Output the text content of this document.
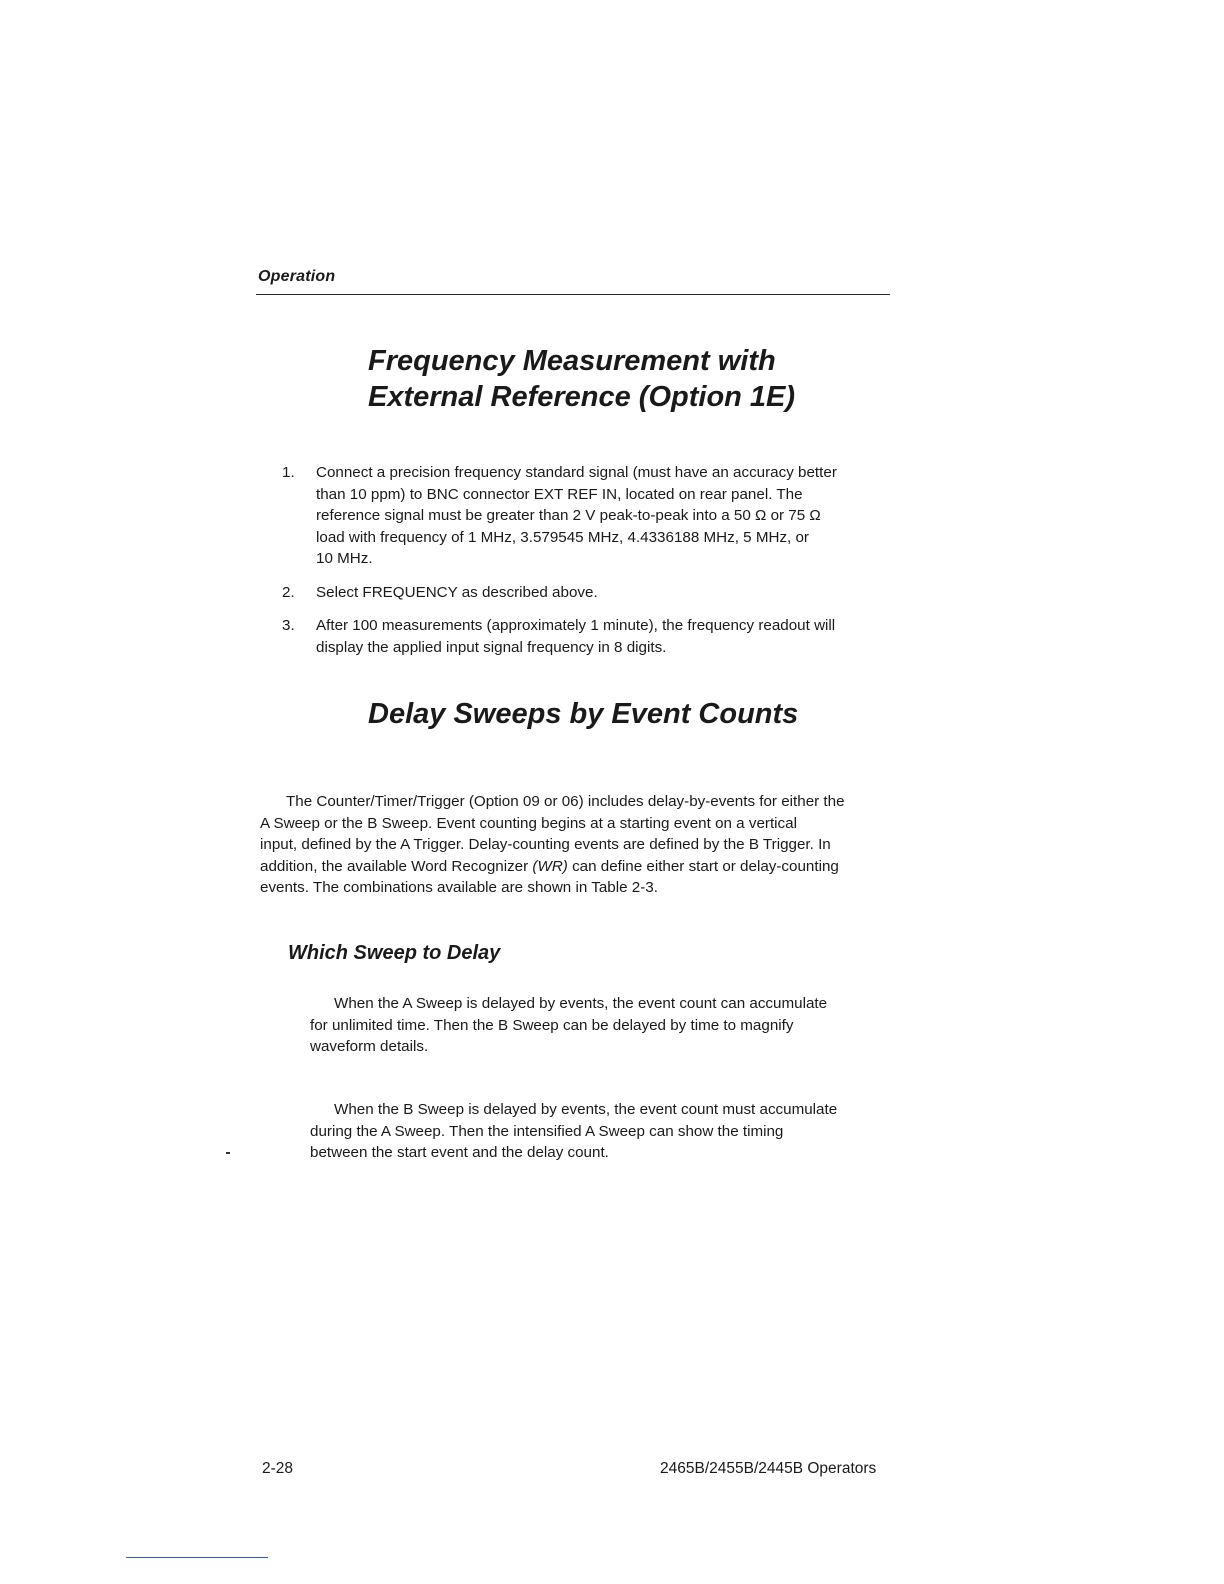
Operation
Frequency Measurement with
External Reference (Option 1E)
1. Connect a precision frequency standard signal (must have an accuracy better
than 10 ppm) to BNC connector EXT REF IN, located on rear panel. The
reference signal must be greater than 2 V peak-to-peak into a 50 Ω or 75 Ω
load with frequency of 1 MHz, 3.579545 MHz, 4.4336188 MHz, 5 MHz, or
10 MHz.
2. Select FREQUENCY as described above.
3. After 100 measurements (approximately 1 minute), the frequency readout will
display the applied input signal frequency in 8 digits.
Delay Sweeps by Event Counts

The Counter/Timer/Trigger (Option 09 or 06) includes delay-by-events for either the
A Sweep or the B Sweep. Event counting begins at a starting event on a vertical
input, defined by the A Trigger. Delay-counting events are defined by the B Trigger. In
addition, the available Word Recognizer (WR) can define either start or delay-counting
events. The combinations available are shown in Table 2-3.

Which Sweep to Delay

When the A Sweep is delayed by events, the event count can accumulate
for unlimited time. Then the B Sweep can be delayed by time to magnify
waveform details.

When the B Sweep is delayed by events, the event count must accumulate
during the A Sweep. Then the intensified A Sweep can show the timing
between the start event and the delay count.

2-28	2465B/2455B/2445B Operators
